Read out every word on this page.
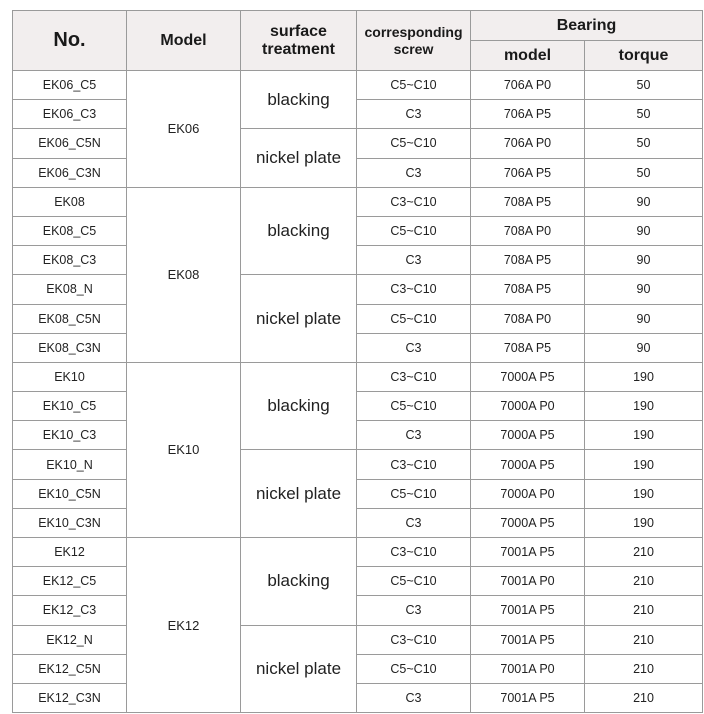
No.	Model	surface treatment	corresponding screw	Bearing	
				model	torque
EK06_C5	EK06	blacking	C5~C10	706A P0	50
EK06_C3			C3	706A P5	50
EK06_C5N		nickel plate	C5~C10	706A P0	50
EK06_C3N			C3	706A P5	50
EK08	EK08	blacking	C3~C10	708A P5	90
EK08_C5			C5~C10	708A P0	90
EK08_C3			C3	708A P5	90
EK08_N		nickel plate	C3~C10	708A P5	90
EK08_C5N			C5~C10	708A P0	90
EK08_C3N			C3	708A P5	90
EK10	EK10	blacking	C3~C10	7000A P5	190
EK10_C5			C5~C10	7000A P0	190
EK10_C3			C3	7000A P5	190
EK10_N		nickel plate	C3~C10	7000A P5	190
EK10_C5N			C5~C10	7000A P0	190
EK10_C3N			C3	7000A P5	190
EK12	EK12	blacking	C3~C10	7001A P5	210
EK12_C5			C5~C10	7001A P0	210
EK12_C3			C3	7001A P5	210
EK12_N		nickel plate	C3~C10	7001A P5	210
EK12_C5N			C5~C10	7001A P0	210
EK12_C3N			C3	7001A P5	210
